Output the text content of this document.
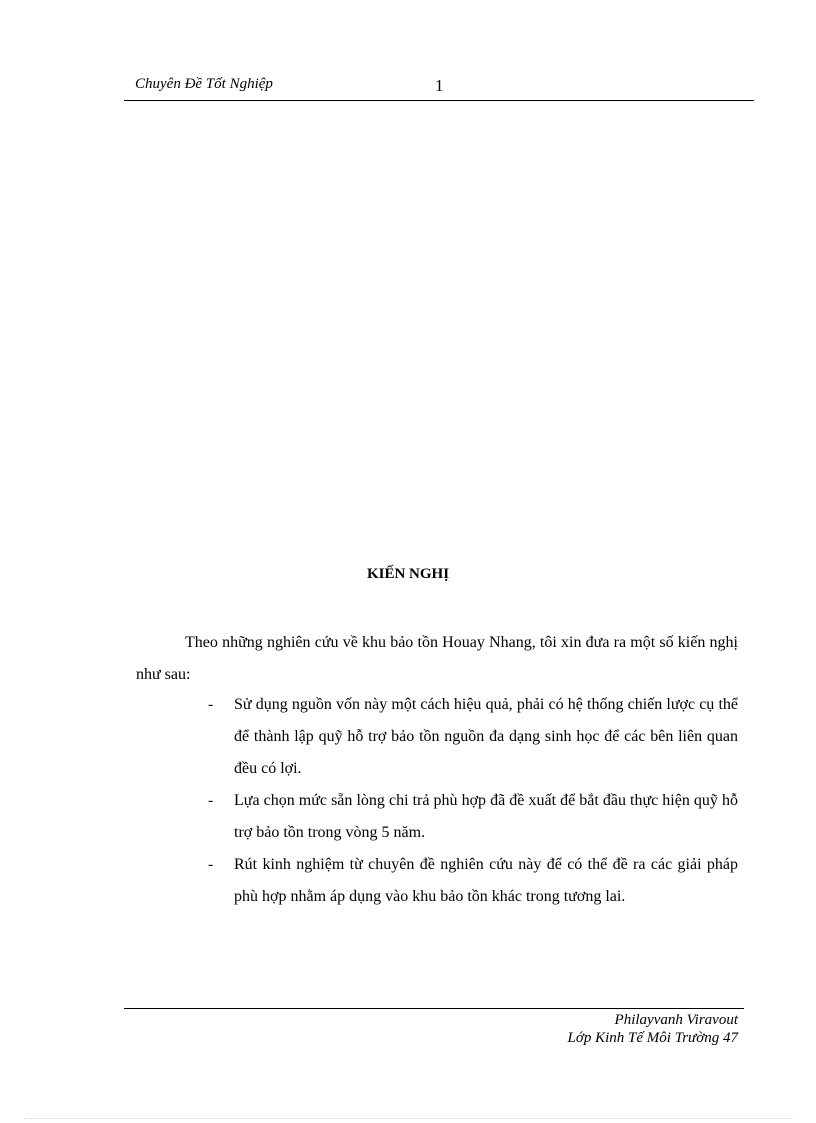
Chuyên Đề Tốt Nghiệp	1
KIẾN NGHỊ

Theo những nghiên cứu về khu bảo tồn Houay Nhang, tôi xin đưa ra một số kiến nghị như sau:

- Sử dụng nguồn vốn này một cách hiệu quả, phải có hệ thống chiến lược cụ thể để thành lập quỹ hỗ trợ bảo tồn nguồn đa dạng sinh học để các bên liên quan đều có lợi.
- Lựa chọn mức sẵn lòng chi trả phù hợp đã đề xuất để bắt đầu thực hiện quỹ hỗ trợ bảo tồn trong vòng 5 năm.
- Rút kinh nghiệm từ chuyên đề nghiên cứu này để có thể đề ra các giải pháp phù hợp nhằm áp dụng vào khu bảo tồn khác trong tương lai.
Philayvanh Viravout
Lớp Kinh Tế Môi Trường 47
